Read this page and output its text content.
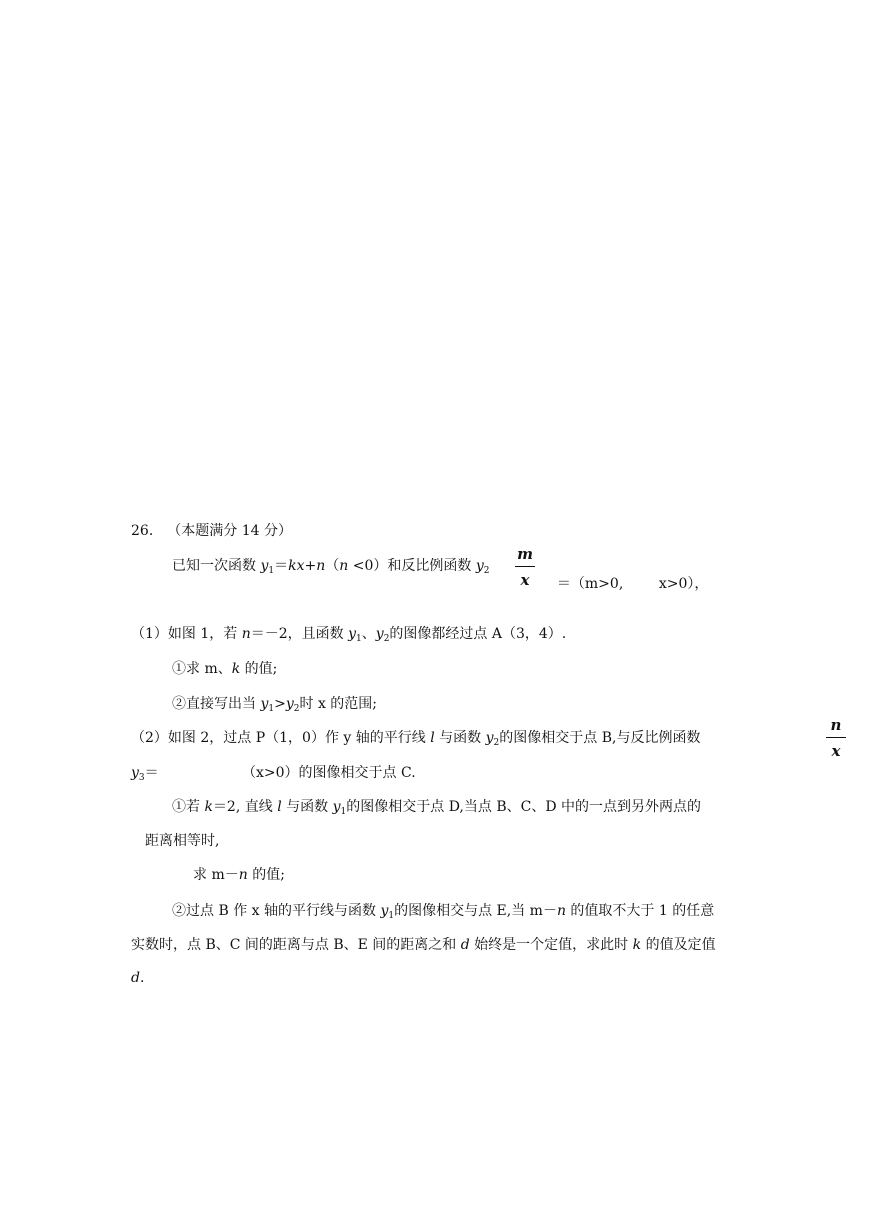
26． （本题满分 14 分）
已知一次函数 $y_1=kx+n(n <0)$和反比例函数 $y_2$
m
x	＝（m>0,        x>0），

（1）如图 1，若 n＝－2，且函数 $y_1$、$y_2$的图像都经过点 A（3，4）.
①求 m、k 的值;
②直接写出当 $y_1>y_2$时 x 的范围;
（2）如图 2，过点 P（1，0）作 y 轴的平行线 l 与函数 $y_2$的图像相交于点 B,与反比例函数
n
x
$y_3=$	（x>0）的图像相交于点 C.
①若 k＝2, 直线 l 与函数 $y_1$的图像相交于点 D,当点 B、C、D 中的一点到另外两点的
距离相等时,
求 m－n 的值;
②过点 B 作 x 轴的平行线与函数 $y_1$的图像相交与点 E,当 m－n 的值取不大于 1 的任意
实数时，点 B、C 间的距离与点 B、E 间的距离之和 d 始终是一个定值，求此时 k 的值及定值
d.
